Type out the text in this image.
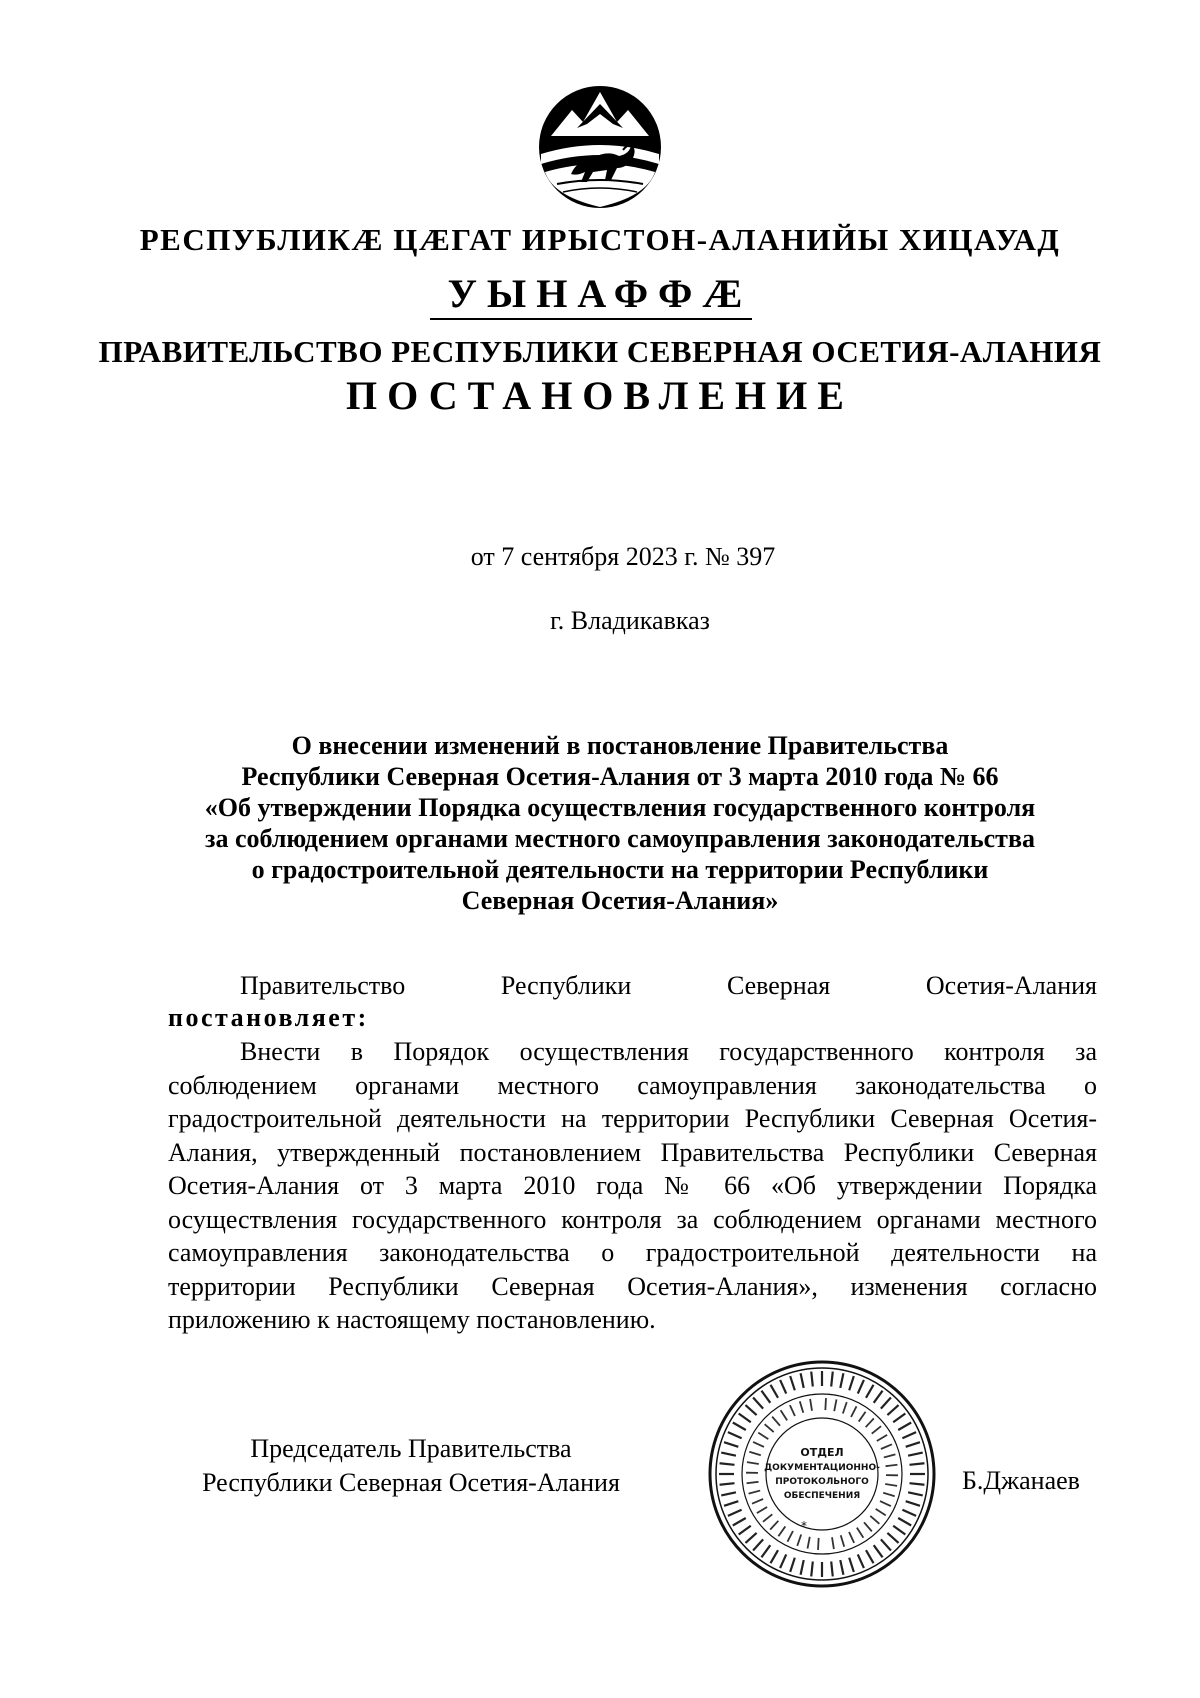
РЕСПУБЛИКÆ ЦÆГАТ ИРЫСТОН-АЛАНИЙЫ ХИЦАУАД
УЫНАФФÆ
ПРАВИТЕЛЬСТВО РЕСПУБЛИКИ СЕВЕРНАЯ ОСЕТИЯ-АЛАНИЯ
ПОСТАНОВЛЕНИЕ
от 7 сентября 2023 г. № 397
г. Владикавказ
О внесении изменений в постановление Правительства
Республики Северная Осетия-Алания от 3 марта 2010 года № 66
«Об утверждении Порядка осуществления государственного контроля
за соблюдением органами местного самоуправления законодательства
о градостроительной деятельности на территории Республики
Северная Осетия-Алания»
Правительство	Республики	Северная	Осетия-Алания
постановляет:
Внести в Порядок осуществления государственного контроля за соблюдением органами местного самоуправления законодательства о градостроительной деятельности на территории Республики Северная Осетия-Алания, утвержденный постановлением Правительства Республики Северная Осетия-Алания от 3 марта 2010 года № 66 «Об утверждении Порядка осуществления государственного контроля за соблюдением органами местного самоуправления законодательства о градостроительной деятельности на территории Республики Северная Осетия-Алания», изменения согласно приложению к настоящему постановлению.
Председатель Правительства
Республики Северная Осетия-Алания	Б.Джанаев
ОТДЕЛ
ДОКУМЕНТАЦИОННО-
ПРОТОКОЛЬНОГО
ОБЕСПЕЧЕНИЯ
*
